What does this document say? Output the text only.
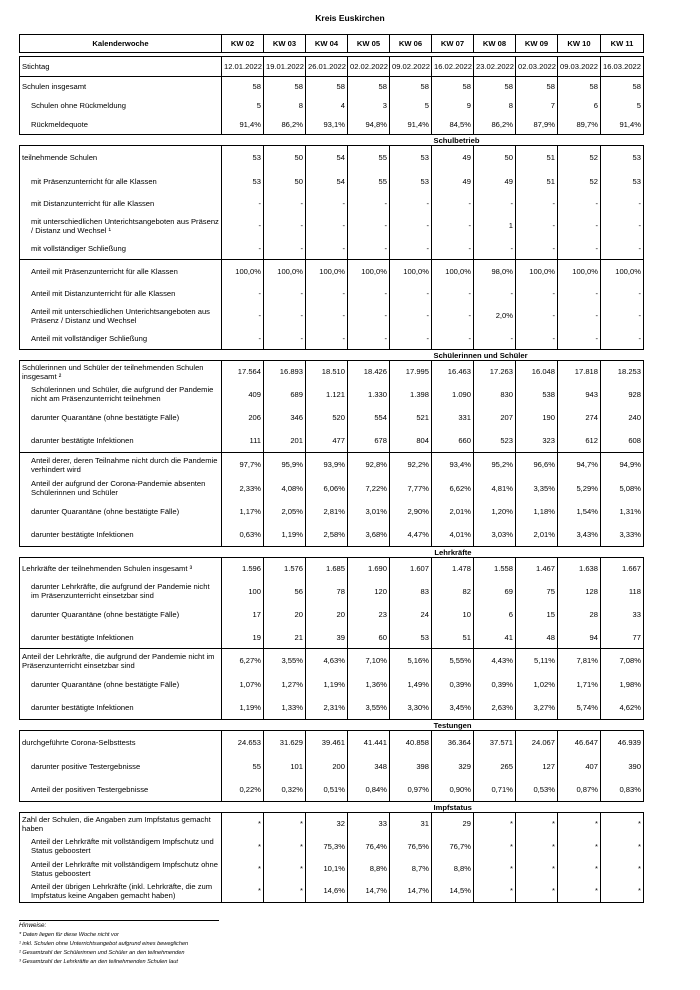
Kreis Euskirchen
Kalenderwoche	KW 02	KW 03	KW 04	KW 05	KW 06	KW 07	KW 08	KW 09	KW 10	KW 11

Stichtag	12.01.2022	19.01.2022	26.01.2022	02.02.2022	09.02.2022	16.02.2022	23.02.2022	02.03.2022	09.03.2022	16.03.2022
Schulen insgesamt	58	58	58	58	58	58	58	58	58	58
Schulen ohne Rückmeldung	5	8	4	3	5	9	8	7	6	5
Rückmeldequote	91,4%	86,2%	93,1%	94,8%	91,4%	84,5%	86,2%	87,9%	89,7%	91,4%
						Schulbetrieb				
teilnehmende Schulen	53	50	54	55	53	49	50	51	52	53
mit Präsenzunterricht für alle Klassen	53	50	54	55	53	49	49	51	52	53
mit Distanzunterricht für alle Klassen	-	-	-	-	-	-	-	-	-	-
mit unterschiedlichen Unterichtsangeboten aus Präsenz / Distanz und Wechsel ¹	-	-	-	-	-	-	1	-	-	-
mit vollständiger Schließung	-	-	-	-	-	-	-	-	-	-
Anteil mit Präsenzunterricht für alle Klassen	100,0%	100,0%	100,0%	100,0%	100,0%	100,0%	98,0%	100,0%	100,0%	100,0%
Anteil mit Distanzunterricht für alle Klassen	-	-	-	-	-	-	-	-	-	-
Anteil mit unterschiedlichen Unterichtsangeboten aus Präsenz / Distanz und Wechsel	-	-	-	-	-	-	2,0%	-	-	-
Anteil mit vollständiger Schließung	-	-	-	-	-	-	-	-	-	-
						Schülerinnen und Schüler				
Schülerinnen und Schüler der teilnehmenden Schulen insgesamt ²	17.564	16.893	18.510	18.426	17.995	16.463	17.263	16.048	17.818	18.253
Schülerinnen und Schüler, die aufgrund der Pandemie nicht am Präsenzunterricht teilnehmen	409	689	1.121	1.330	1.398	1.090	830	538	943	928
darunter Quarantäne (ohne bestätigte Fälle)	206	346	520	554	521	331	207	190	274	240
darunter bestätigte Infektionen	111	201	477	678	804	660	523	323	612	608
Anteil derer, deren Teilnahme nicht durch die Pandemie verhindert wird	97,7%	95,9%	93,9%	92,8%	92,2%	93,4%	95,2%	96,6%	94,7%	94,9%
Anteil der aufgrund der Corona-Pandemie absenten Schülerinnen und Schüler	2,33%	4,08%	6,06%	7,22%	7,77%	6,62%	4,81%	3,35%	5,29%	5,08%
darunter Quarantäne (ohne bestätigte Fälle)	1,17%	2,05%	2,81%	3,01%	2,90%	2,01%	1,20%	1,18%	1,54%	1,31%
darunter bestätigte Infektionen	0,63%	1,19%	2,58%	3,68%	4,47%	4,01%	3,03%	2,01%	3,43%	3,33%
						Lehrkräfte				
Lehrkräfte der teilnehmenden Schulen insgesamt ³	1.596	1.576	1.685	1.690	1.607	1.478	1.558	1.467	1.638	1.667
darunter Lehrkräfte, die aufgrund der Pandemie nicht im Präsenzunterricht einsetzbar sind	100	56	78	120	83	82	69	75	128	118
darunter Quarantäne (ohne bestätigte Fälle)	17	20	20	23	24	10	6	15	28	33
darunter bestätigte Infektionen	19	21	39	60	53	51	41	48	94	77
Anteil der Lehrkräfte, die aufgrund der Pandemie nicht im Präsenzunterricht einsetzbar sind	6,27%	3,55%	4,63%	7,10%	5,16%	5,55%	4,43%	5,11%	7,81%	7,08%
darunter Quarantäne (ohne bestätigte Fälle)	1,07%	1,27%	1,19%	1,36%	1,49%	0,39%	0,39%	1,02%	1,71%	1,98%
darunter bestätigte Infektionen	1,19%	1,33%	2,31%	3,55%	3,30%	3,45%	2,63%	3,27%	5,74%	4,62%
						Testungen				
durchgeführte Corona-Selbsttests	24.653	31.629	39.461	41.441	40.858	36.364	37.571	24.067	46.647	46.939
darunter positive Testergebnisse	55	101	200	348	398	329	265	127	407	390
Anteil der positiven Testergebnisse	0,22%	0,32%	0,51%	0,84%	0,97%	0,90%	0,71%	0,53%	0,87%	0,83%
						Impfstatus				
Zahl der Schulen, die Angaben zum Impfstatus gemacht haben	*	*	32	33	31	29	*	*	*	*
Anteil der Lehrkräfte mit vollständigem Impfschutz und Status geboostert	*	*	75,3%	76,4%	76,5%	76,7%	*	*	*	*
Anteil der Lehrkräfte mit vollständigem Impfschutz ohne Status geboostert	*	*	10,1%	8,8%	8,7%	8,8%	*	*	*	*
Anteil der übrigen Lehrkräfte (inkl. Lehrkräfte, die zum Impfstatus keine Angaben gemacht haben)	*	*	14,6%	14,7%	14,7%	14,5%	*	*	*	*
Hinweise:
* Daten liegen für diese Woche nicht vor
¹ inkl. Schulen ohne Unterrichtsangebot aufgrund eines beweglichen
² Gesamtzahl der Schülerinnen und Schüler an den teilnehmenden
³ Gesamtzahl der Lehrkräfte an den teilnehmenden Schulen laut
